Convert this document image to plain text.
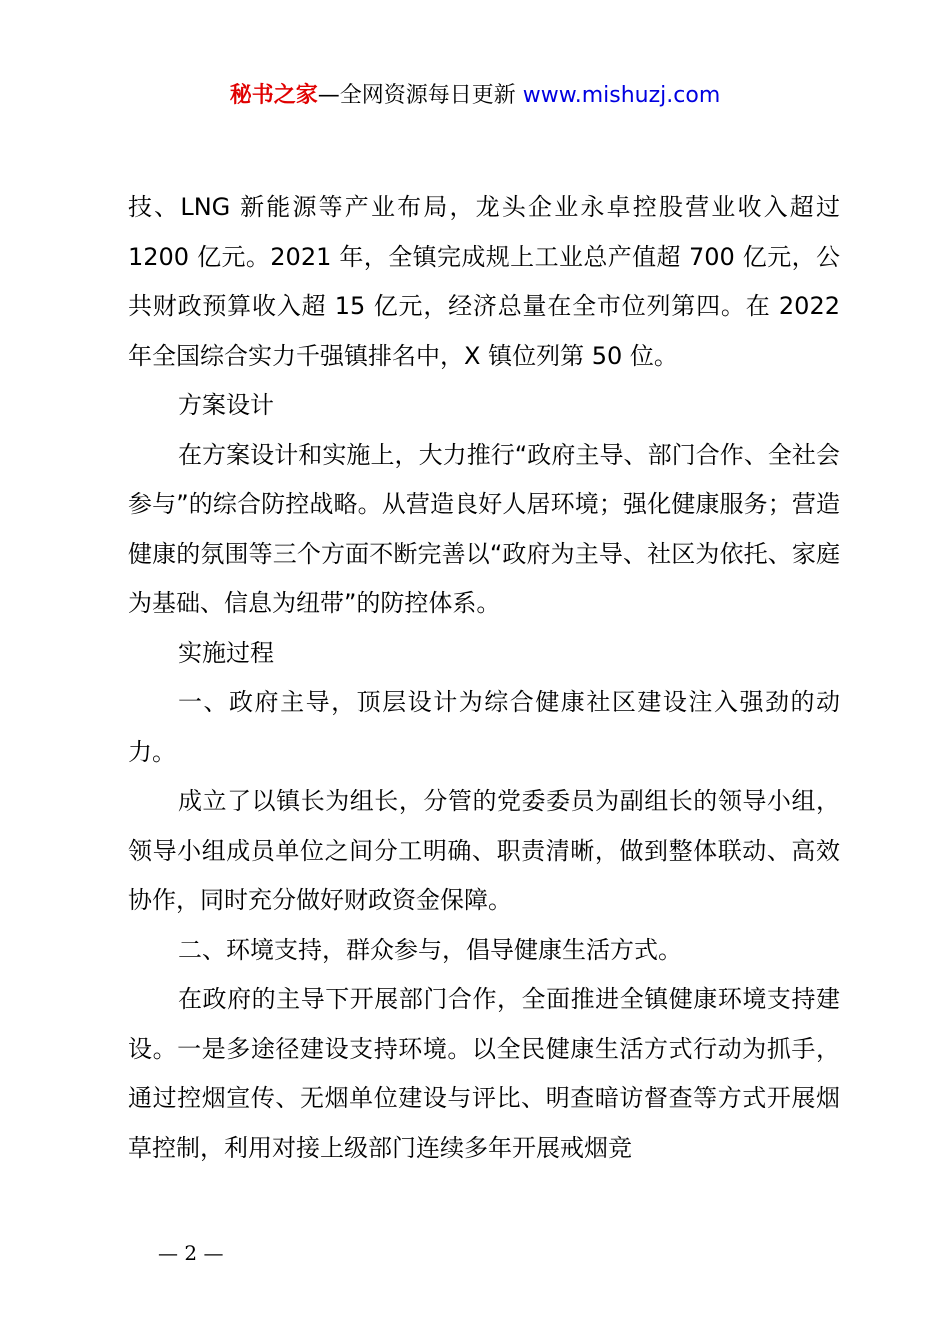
秘书之家—全网资源每日更新 www.mishuzj.com

技、LNG 新能源等产业布局，龙头企业永卓控股营业收入超过 1200 亿元。2021 年，全镇完成规上工业总产值超 700 亿元，公共财政预算收入超 15 亿元，经济总量在全市位列第四。在 2022 年全国综合实力千强镇排名中，X 镇位列第 50 位。

方案设计

在方案设计和实施上，大力推行“政府主导、部门合作、全社会参与”的综合防控战略。从营造良好人居环境；强化健康服务；营造健康的氛围等三个方面不断完善以“政府为主导、社区为依托、家庭为基础、信息为纽带”的防控体系。

实施过程

一、政府主导，顶层设计为综合健康社区建设注入强劲的动力。

成立了以镇长为组长，分管的党委委员为副组长的领导小组，领导小组成员单位之间分工明确、职责清晰，做到整体联动、高效协作，同时充分做好财政资金保障。

二、环境支持，群众参与，倡导健康生活方式。

在政府的主导下开展部门合作，全面推进全镇健康环境支持建设。一是多途径建设支持环境。以全民健康生活方式行动为抓手，通过控烟宣传、无烟单位建设与评比、明查暗访督查等方式开展烟草控制，利用对接上级部门连续多年开展戒烟竞

— 2 —
